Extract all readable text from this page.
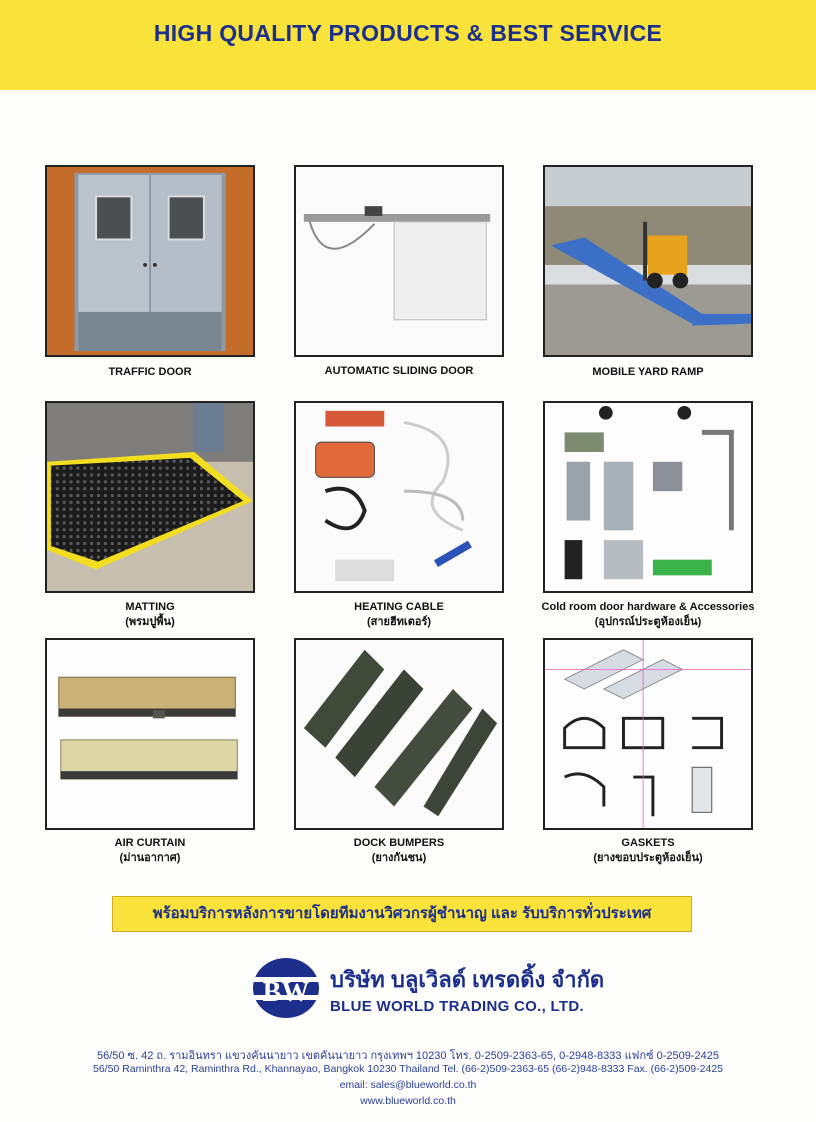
HIGH QUALITY PRODUCTS & BEST SERVICE
TRAFFIC DOOR	AUTOMATIC SLIDING DOOR	MOBILE YARD RAMP
MATTING
(พรมปูพื้น)
HEATING CABLE
(สายฮีทเตอร์)
Cold room door hardware & Accessories
(อุปกรณ์ประตูห้องเย็น)
AIR CURTAIN
(ม่านอากาศ)
DOCK BUMPERS
(ยางกันชน)
GASKETS
(ยางขอบประตูห้องเย็น)
พร้อมบริการหลังการขายโดยทีมงานวิศวกรผู้ชำนาญ และ รับบริการทั่วประเทศ
BW บริษัท บลูเวิลด์ เทรดดิ้ง จำกัด
BLUE WORLD TRADING CO., LTD.
56/50 ซ. 42 ถ. รามอินทรา แขวงคันนายาว เขตคันนายาว กรุงเทพฯ 10230 โทร. 0-2509-2363-65, 0-2948-8333 แฟกซ์ 0-2509-2425
56/50 Raminthra 42, Raminthra Rd., Khannayao, Bangkok 10230 Thailand Tel. (66-2)509-2363-65 (66-2)948-8333 Fax. (66-2)509-2425
email: sales@blueworld.co.th
www.blueworld.co.th
